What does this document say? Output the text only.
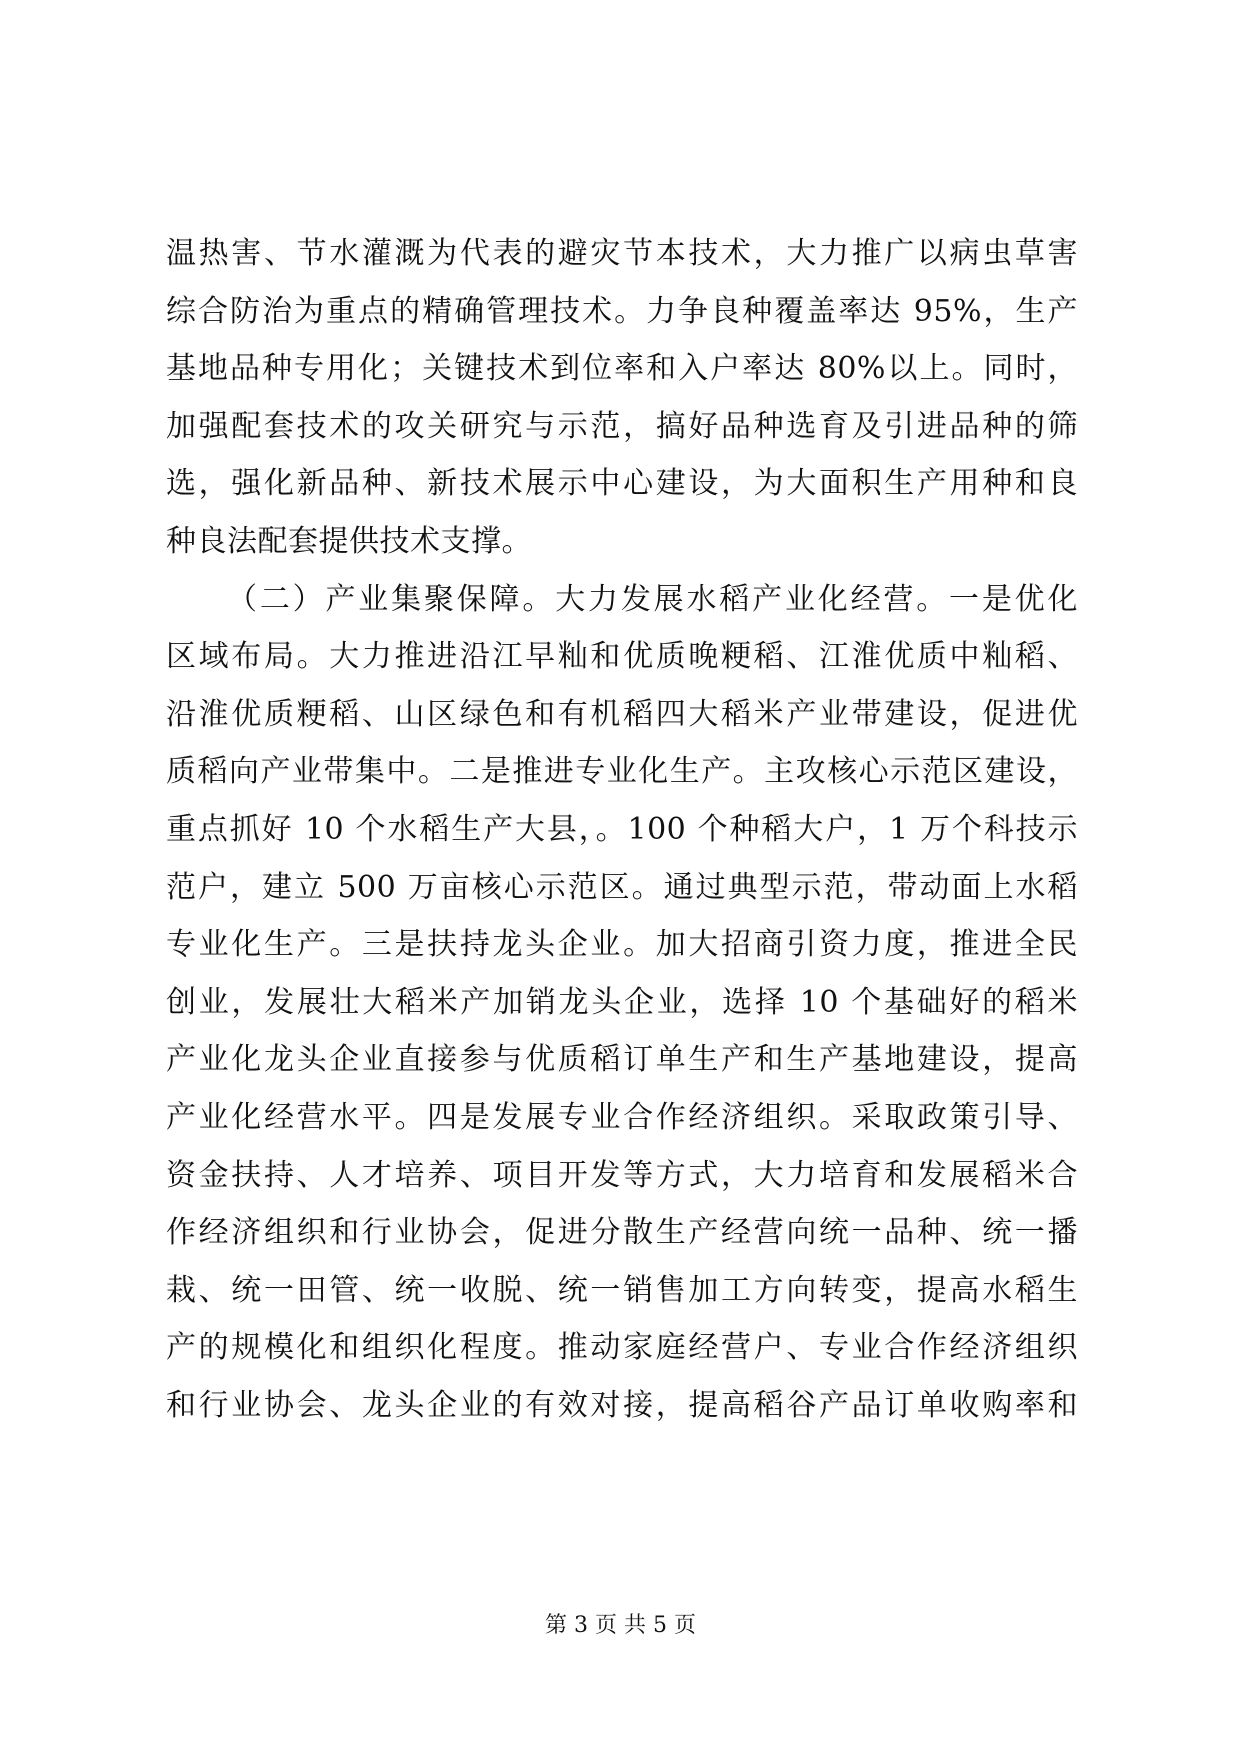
温热害、节水灌溉为代表的避灾节本技术，大力推广以病虫草害
综合防治为重点的精确管理技术。力争良种覆盖率达 95%，生产
基地品种专用化；关键技术到位率和入户率达 80%以上。同时，
加强配套技术的攻关研究与示范，搞好品种选育及引进品种的筛
选，强化新品种、新技术展示中心建设，为大面积生产用种和良
种良法配套提供技术支撑。
（二）产业集聚保障。大力发展水稻产业化经营。一是优化
区域布局。大力推进沿江早籼和优质晚粳稻、江淮优质中籼稻、
沿淮优质粳稻、山区绿色和有机稻四大稻米产业带建设，促进优
质稻向产业带集中。二是推进专业化生产。主攻核心示范区建设，
重点抓好 10 个水稻生产大县，。100 个种稻大户，1 万个科技示
范户，建立 500 万亩核心示范区。通过典型示范，带动面上水稻
专业化生产。三是扶持龙头企业。加大招商引资力度，推进全民
创业，发展壮大稻米产加销龙头企业，选择 10 个基础好的稻米
产业化龙头企业直接参与优质稻订单生产和生产基地建设，提高
产业化经营水平。四是发展专业合作经济组织。采取政策引导、
资金扶持、人才培养、项目开发等方式，大力培育和发展稻米合
作经济组织和行业协会，促进分散生产经营向统一品种、统一播
栽、统一田管、统一收脱、统一销售加工方向转变，提高水稻生
产的规模化和组织化程度。推动家庭经营户、专业合作经济组织
和行业协会、龙头企业的有效对接，提高稻谷产品订单收购率和
第 3 页 共 5 页
